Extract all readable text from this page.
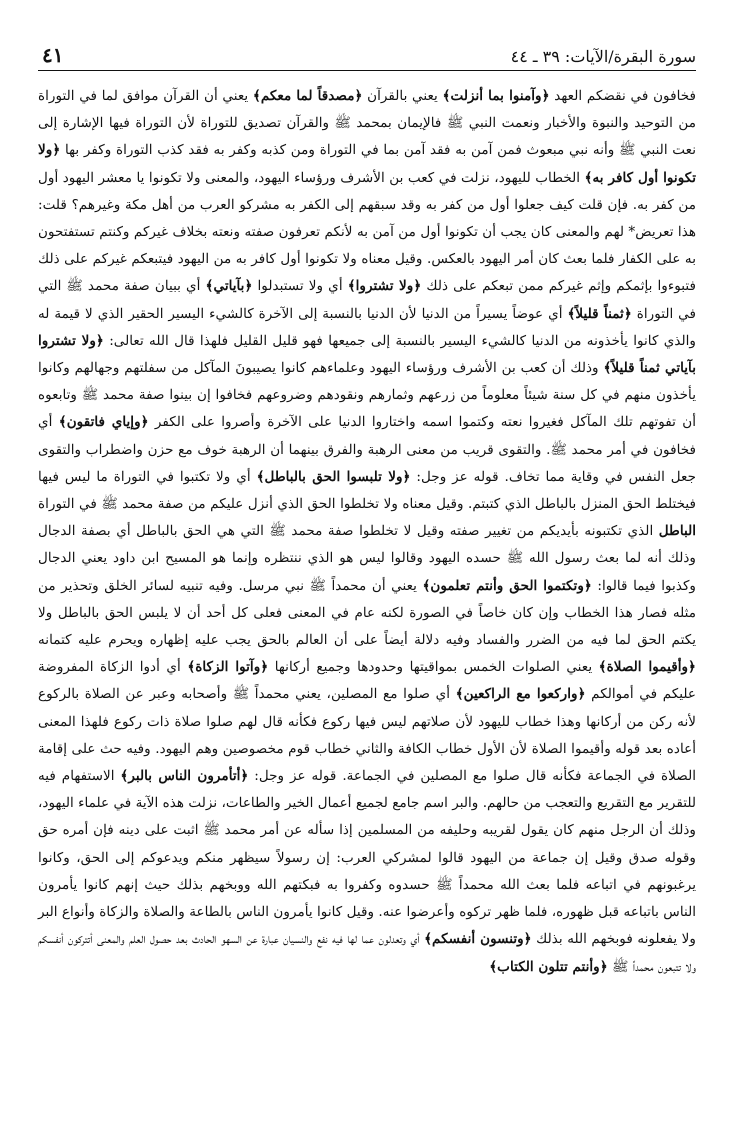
سورة البقرة/الآيات: ٣٩ ـ ٤٤
٤١

فخافون في نقضكم العهد ﴿وآمنوا بما أنزلت﴾ يعني بالقرآن ﴿مصدقاً لما معكم﴾ يعني أن القرآن موافق لما في التوراة من التوحيد والنبوة والأخبار ونعمت النبي ﷺ فالإيمان بمحمد ﷺ والقرآن تصديق للتوراة لأن التوراة فيها الإشارة إلى نعت النبي ﷺ وأنه نبي مبعوث فمن آمن به فقد آمن بما في التوراة ومن كذبه وكفر به فقد كذب التوراة وكفر بها ﴿ولا تكونوا أول كافر به﴾ الخطاب لليهود، نزلت في كعب بن الأشرف ورؤساء اليهود، والمعنى ولا تكونوا يا معشر اليهود أول من كفر به. فإن قلت كيف جعلوا أول من كفر به وقد سبقهم إلى الكفر به مشركو العرب من أهل مكة وغيرهم؟ قلت: هذا تعريض* لهم والمعنى كان يجب أن تكونوا أول من آمن به لأنكم تعرفون صفته ونعته بخلاف غيركم وكنتم تستفتحون به على الكفار فلما بعث كان أمر اليهود بالعكس. وقيل معناه ولا تكونوا أول كافر به من اليهود فيتبعكم غيركم على ذلك فتبوءوا بإثمكم وإثم غيركم ممن تبعكم على ذلك ﴿ولا تشتروا﴾ أي ولا تستبدلوا ﴿بآياتي﴾ أي ببيان صفة محمد ﷺ التي في التوراة ﴿ثمناً قليلاً﴾ أي عوضاً يسيراً من الدنيا لأن الدنيا بالنسبة إلى الآخرة كالشيء اليسير الحقير الذي لا قيمة له والذي كانوا يأخذونه من الدنيا كالشيء اليسير بالنسبة إلى جميعها فهو قليل القليل فلهذا قال الله تعالى: ﴿ولا تشتروا بآياتي ثمناً قليلاً﴾ وذلك أن كعب بن الأشرف ورؤساء اليهود وعلماءهم كانوا يصيبونَ المآكل من سفلتهم وجهالهم وكانوا يأخذون منهم في كل سنة شيئاً معلوماً من زرعهم وثمارهم ونقودهم وضروعهم فخافوا إن بينوا صفة محمد ﷺ وتابعوه أن تفوتهم تلك المآكل فغيروا نعته وكتموا اسمه واختاروا الدنيا على الآخرة وأصروا على الكفر ﴿وإياي فاتقون﴾ أي فخافون في أمر محمد ﷺ. والتقوى قريب من معنى الرهبة والفرق بينهما أن الرهبة خوف مع حزن واضطراب والتقوى جعل النفس في وقاية مما تخاف. قوله عز وجل: ﴿ولا تلبسوا الحق بالباطل﴾ أي ولا تكتبوا في التوراة ما ليس فيها فيختلط الحق المنزل بالباطل الذي كتبتم. وقيل معناه ولا تخلطوا الحق الذي أنزل عليكم من صفة محمد ﷺ في التوراة الباطل الذي تكتبونه بأيديكم من تغيير صفته وقيل لا تخلطوا صفة محمد ﷺ التي هي الحق بالباطل أي بصفة الدجال وذلك أنه لما بعث رسول الله ﷺ حسده اليهود وقالوا ليس هو الذي ننتظره وإنما هو المسيح ابن داود يعني الدجال وكذبوا فيما قالوا: ﴿وتكتموا الحق وأنتم تعلمون﴾ يعني أن محمداً ﷺ نبي مرسل. وفيه تنبيه لسائر الخلق وتحذير من مثله فصار هذا الخطاب وإن كان خاصاً في الصورة لكنه عام في المعنى فعلى كل أحد أن لا يلبس الحق بالباطل ولا يكتم الحق لما فيه من الضرر والفساد وفيه دلالة أيضاً على أن العالم بالحق يجب عليه إظهاره ويحرم عليه كتمانه ﴿وأقيموا الصلاة﴾ يعني الصلوات الخمس بمواقيتها وحدودها وجميع أركانها ﴿وآتوا الزكاة﴾ أي أدوا الزكاة المفروضة عليكم في أموالكم ﴿واركعوا مع الراكعين﴾ أي صلوا مع المصلين، يعني محمداً ﷺ وأصحابه وعبر عن الصلاة بالركوع لأنه ركن من أركانها وهذا خطاب لليهود لأن صلاتهم ليس فيها ركوع فكأنه قال لهم صلوا صلاة ذات ركوع فلهذا المعنى أعاده بعد قوله وأقيموا الصلاة لأن الأول خطاب الكافة والثاني خطاب قوم مخصوصين وهم اليهود. وفيه حث على إقامة الصلاة في الجماعة فكأنه قال صلوا مع المصلين في الجماعة. قوله عز وجل: ﴿أتأمرون الناس بالبر﴾ الاستفهام فيه للتقرير مع التقريع والتعجب من حالهم. والبر اسم جامع لجميع أعمال الخير والطاعات، نزلت هذه الآية في علماء اليهود، وذلك أن الرجل منهم كان يقول لقريبه وحليفه من المسلمين إذا سأله عن أمر محمد ﷺ اثبت على دينه فإن أمره حق وقوله صدق وقيل إن جماعة من اليهود قالوا لمشركي العرب: إن رسولاً سيظهر منكم ويدعوكم إلى الحق، وكانوا يرغبونهم في اتباعه فلما بعث الله محمداً ﷺ حسدوه وكفروا به فبكتهم الله ووبخهم بذلك حيث إنهم كانوا يأمرون الناس باتباعه قبل ظهوره، فلما ظهر تركوه وأعرضوا عنه. وقيل كانوا يأمرون الناس بالطاعة والصلاة والزكاة وأنواع البر ولا يفعلونه فوبخهم الله بذلك ﴿وتنسون أنفسكم﴾ أي وتعدلون عما لها فيه نفع والنسيان عبارة عن السهو الحادث بعد حصول العلم والمعنى أتتركون أنفسكم ولا تتبعون محمداً ﷺ ﴿وأنتم تتلون الكتاب﴾
